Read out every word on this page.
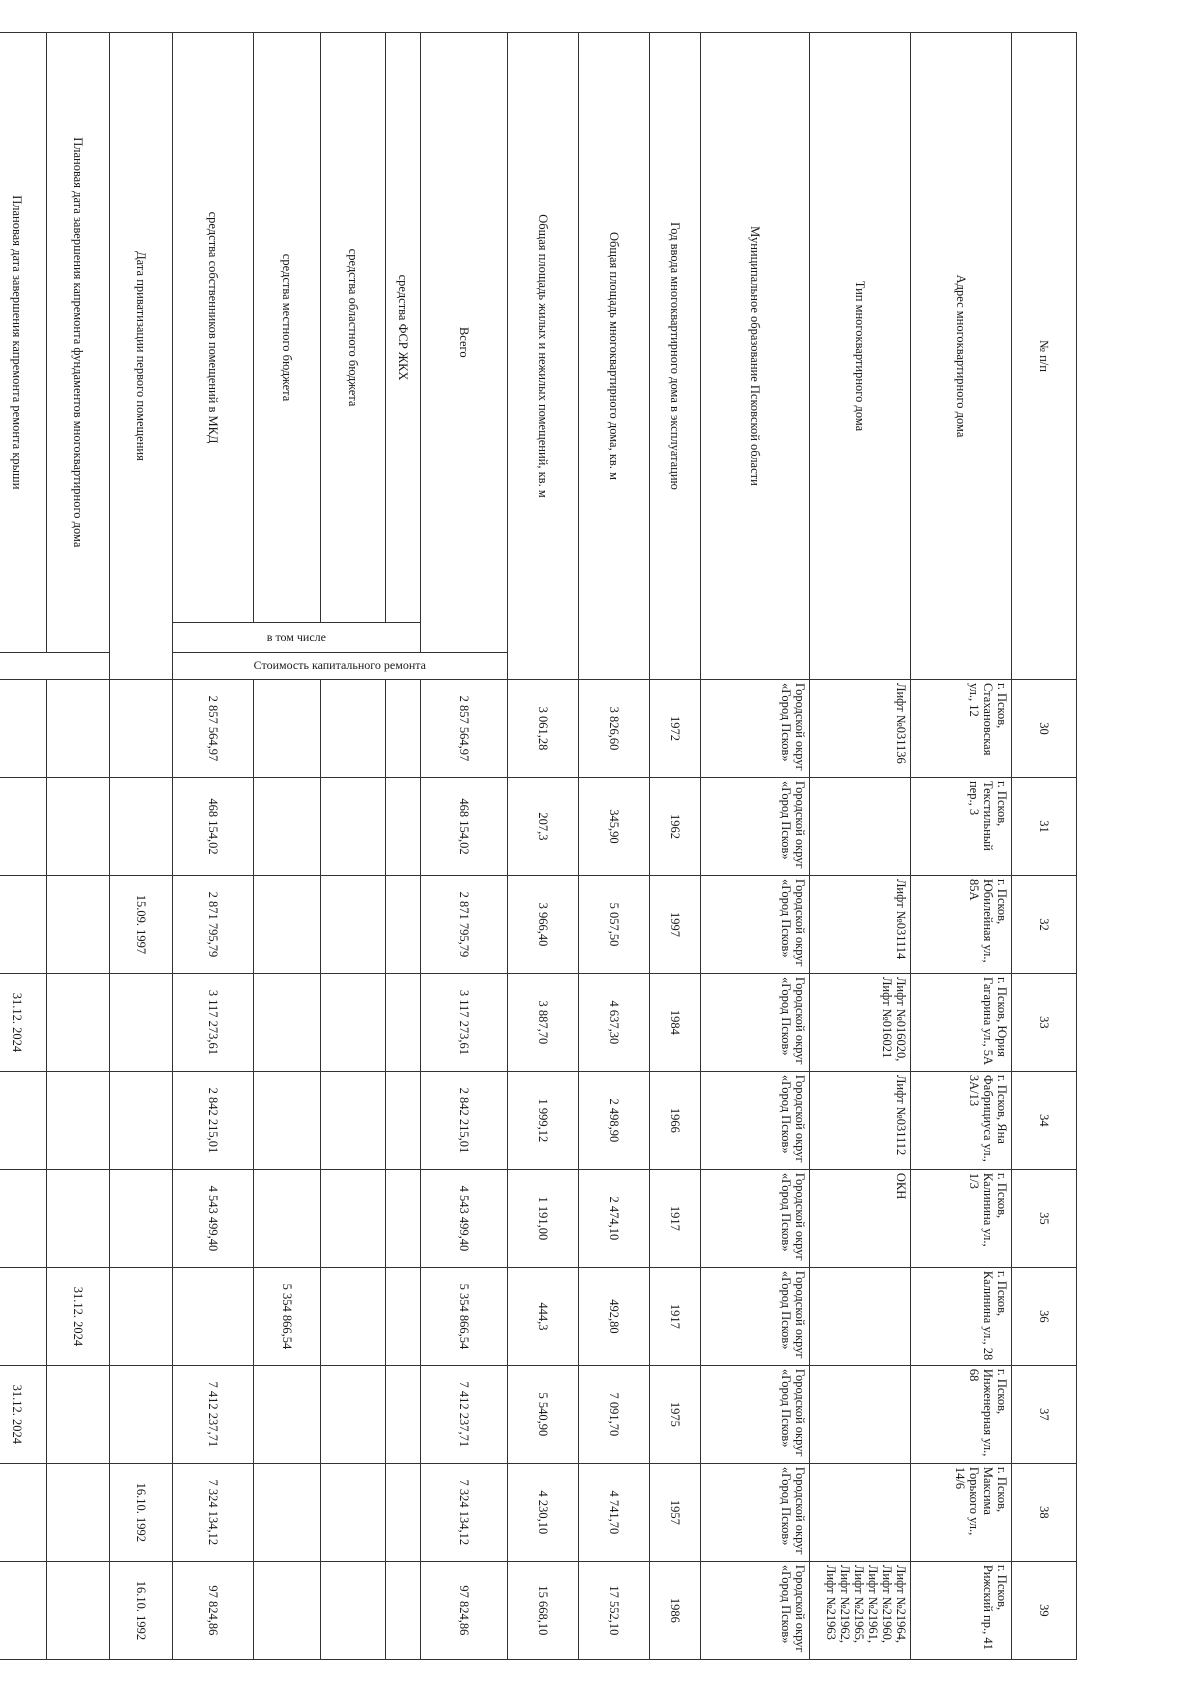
№ п/п			30	31	32	33	34	35	36	37	38	39
Адрес многоквартирного дома			г. Псков, Стахановская ул., 12	г. Псков, Текстильный пер., 3	г. Псков, Юбилейная ул., 85А	г. Псков, Юрия Гагарина ул., 5А	г. Псков, Яна Фабрициуса ул., 3А/13	г. Псков, Калинина ул., 1/3	г. Псков, Калинина ул., 28	г. Псков, Инженерная ул., 68	г. Псков, Максима Горького ул., 14/6	г. Псков, Рижский пр., 41
Тип многоквартирного дома			Лифт №031136		Лифт №031114	Лифт №016020, Лифт №016021	Лифт №031112	ОКН				Лифт №21964, Лифт №21960, Лифт №21961, Лифт №21965, Лифт №21962, Лифт №21963
Муниципальное образование Псковской области			Городской округ «Город Псков»	Городской округ «Город Псков»	Городской округ «Город Псков»	Городской округ «Город Псков»	Городской округ «Город Псков»	Городской округ «Город Псков»	Городской округ «Город Псков»	Городской округ «Город Псков»	Городской округ «Город Псков»	Городской округ «Город Псков»
Год ввода многоквартирного дома в эксплуатацию			1972	1962	1997	1984	1966	1917	1917	1975	1957	1986
Общая площадь многоквартирного дома, кв. м			3 826,60	345,90	5 057,50	4 637,30	2 498,90	2 474,10	492,80	7 091,70	4 741,70	17 552,10
Общая площадь жилых и нежилых помещений, кв. м			3 061,28	207,3	3 966,40	3 887,70	1 999,12	1 191,00	444,3	5 540,90	4 230,10	15 668,10
Всего		Стоимость капитального ремонта	2 857 564,97	468 154,02	2 871 795,79	3 117 273,61	2 842 215,01	4 543 499,40	5 354 866,54	7 412 237,71	7 324 134,12	97 824,86
средства ФСР ЖКХ	в том числе											

средства областного бюджета												
средства местного бюджета									5 354 866,54			
средства собственников помещений в МКД			2 857 564,97	468 154,02	2 871 795,79	3 117 273,61	2 842 215,01	4 543 499,40		7 412 237,71	7 324 134,12	97 824,86
Дата приватизации первого помещения					15.09. 1997						16.10. 1992	16.10. 1992
Плановая дата завершения капремонта фундаментов многоквартирного дома									31.12. 2024			
Плановая дата завершения капремонта ремонта крыши						31.12. 2024				31.12. 2024		
